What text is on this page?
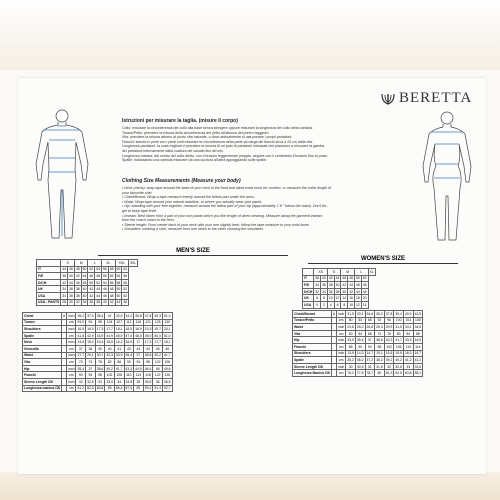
BERETTA
Istruzioni per misurare la taglia. (misure il corpo)
Collo: misurare la circonferenza del collo alla base senza stringere oppure misurare la lunghezza del collo della camicia.
Torace/Petto: prendere la misura della circonferenza del petto all'altezza del punto maggiore.
Vita: prendere la misura attorno al punto vita naturale, o dove abitualmente si usa portare i propri pantaloni.
Fianchi: stando in piedi con i piedi uniti misurare la circonferenza della parte più larga dei fianchi circa a 20 cm dalla vita.
Lunghezza pantaloni: la cosa migliore è prendere la misura di un paio di pantaloni indossati che piacciono a misurare la gamba
dei pantaloni internamente dalla cucitura del cavallo fino all'orlo.
Lunghezza manica: dal centro del collo dietro, con il braccio leggermente piegato, seguire con il centimetro il braccio fino al polso.
Spalle: indossando una camicia misurare da una cucitura all'altra appoggiando sulle spalle.
Clothing Size Measurements (Measure your body)
• Neck (mens): wrap tape around the base of your neck in the front and allow extra room for comfort, or measure the collar length of
your favourite shirt.
• Chest/Breast: Wrap a tape measure evenly around the fullest part under the arms.
• Waist: Wrap tape around your natural waistline, or where you actually wear your pants.
• Hip: standing with your feet together, measure around the fullest part of your hip (approximately 7-8 " below the waist). Don't for-
get to keep tape level.
• Inseam: Best taken from a pair of your own pants which you like length of when wearing. Measure along the garment inseam
from the crotch seam to the hem.
• Sleeve length: From center back of your neck with your arm slightly bent, follow the tape measure to your wrist bone.
• Shoulders: wearing a shirt, measure from one seam to the other crossing the shoulders.
MEN'S SIZE
WOMEN'S SIZE
	S		M		L		XL		XXL		3XL
IT	44	46	48	50	52	54	56	58	60	62	
F/E	38	40	42	44	46	48	50	52	54	56	
D/CH	42	44	46	48	50	52	54	56	58	60	
UK	34	36	38	40	42	44	46	48	50	52	
USA	34	36	38	40	42	44	46	48	50	52	
USA - PANTS	28	30	32	34	36	38	40	42	44	46	
Chest	A	inch	35,2	37,0	38,4	41	42,0	44,2	45,8	47,8	49,3	51,3
Torace		cm	91,0	94	98	104	107	112	116	121	125	130
Shoulders		inch	16,5	16,9	17,3	17,7	18,1	18,5	18,9	19,3	19,7	20,1
Spalle		cm	41,8	42,9	43,9	44,9	45,9	47,0	48,0	49,0	50,0	51,0
Neck		inch	14,6	15,0	15,4	15,8	16,2	16,6	17	17,3	17,7	18,1
Girocollo		cm	37	38	39	40	41	42	43	44	45	46
Waist		inch	27,7	29,1	30,7	32,3	33,9	35,4	37	38,6	40,2	41,7
Vita		cm	70	74	78	82	86	90	94	98	102	106
Hip		inch	35,4	37	38,6	40,2	41,7	43,3	44,9	46,4	48	49,6
Fianchi		cm	90	94	98	102	106	110	114	118	122	126
Sleeve Length CB		inch	32	32,5	33	33,5	34	34,5	35	35,5	36	36,5
Lunghezza manica CB		cm	81,2	82,6	83,8	85	86,4	87,6	89	90,2	91,4	92,7
	XS		S		M		L		XL
IT	38	40	42	44	46	48	50	52	
F/E	34	36	38	40	42	44	46	48	
D/CH	32	34	36	38	40	42	44	46	
UK	6	8	10	12	14	16	18	20	
USA	0	2	4	6	8	10	12	14	
Chest/Breast	A	inch	31,5	33,1	34,6	36,2	37,8	39,4	40,9	42,5
Torace/Petto		cm	80	84	88	92	96	100	104	108
Waist		inch	23,6	25,2	26,8	28,3	29,9	31,5	33,1	34,6
Vita		cm	60	64	68	72	76	80	84	88
Hip		inch	33,9	35,4	37	38,6	40,2	41,7	43,3	44,9
Fianchi		cm	86	90	94	98	102	106	110	114
Shoulders		inch	13,9	14,3	14,7	15,1	15,5	15,9	16,3	16,7
Spalle		cm	35,2	36,2	37,2	38,2	39,2	40,2	41,2	42,2
Sleeve Length CB		inch	30	30,5	31	31,5	32	32,5	33	33,5
Lunghezza Manica CB		cm	76,2	77,5	78,7	80	81,3	82,5	83,8	85,1
